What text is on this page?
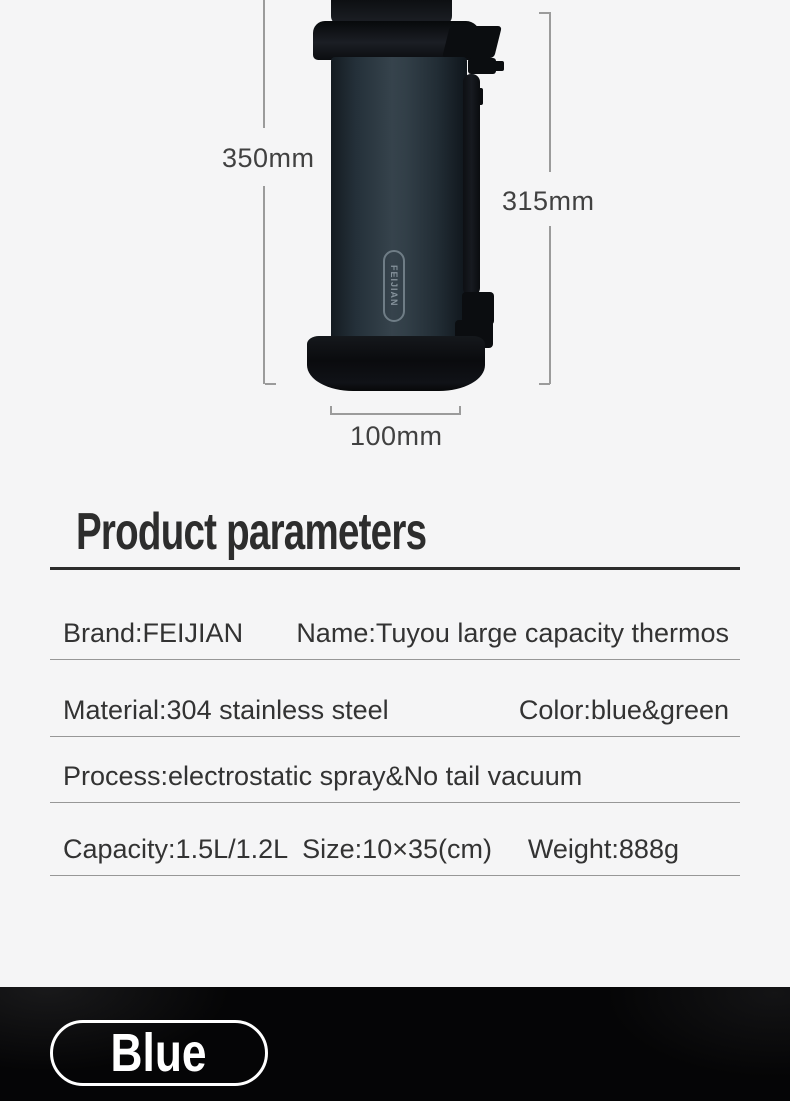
350mm
315mm
100mm
FEIJIAN
Product parameters
Brand:FEIJIAN Name:Tuyou large capacity thermos
Material:304 stainless steel	Color:blue&green
Process:electrostatic spray&No tail vacuum
Capacity:1.5L/1.2L Size:10×35(cm) Weight:888g
Blue
